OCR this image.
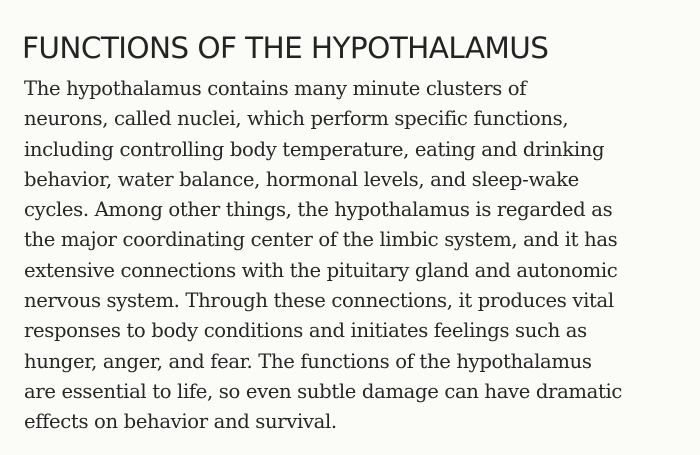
FUNCTIONS OF THE HYPOTHALAMUS

The hypothalamus contains many minute clusters of
neurons, called nuclei, which perform specific functions,
including controlling body temperature, eating and drinking
behavior, water balance, hormonal levels, and sleep-wake
cycles. Among other things, the hypothalamus is regarded as
the major coordinating center of the limbic system, and it has
extensive connections with the pituitary gland and autonomic
nervous system. Through these connections, it produces vital
responses to body conditions and initiates feelings such as
hunger, anger, and fear. The functions of the hypothalamus
are essential to life, so even subtle damage can have dramatic
effects on behavior and survival.
